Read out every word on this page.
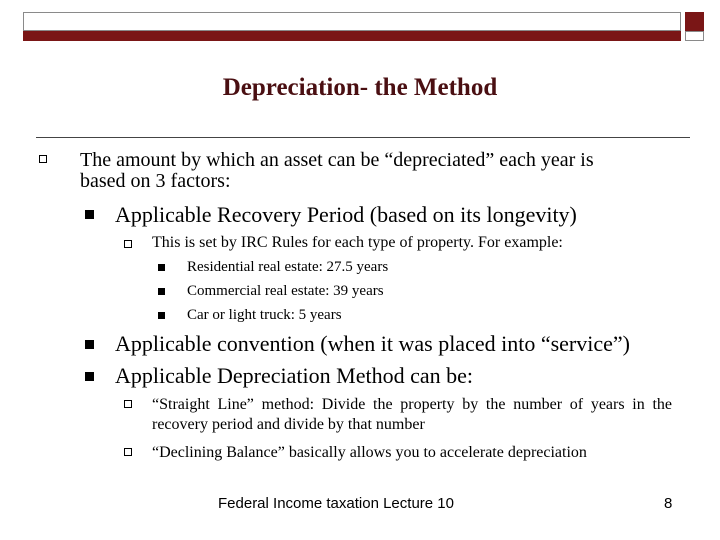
Depreciation- the Method
The amount by which an asset can be “depreciated” each year is
based on 3 factors:
Applicable Recovery Period (based on its longevity)
This is set by IRC Rules for each type of property. For example:
Residential real estate: 27.5 years
Commercial real estate: 39 years
Car or light truck: 5 years
Applicable convention (when it was placed into “service”)
Applicable Depreciation Method can be:
“Straight Line” method: Divide the property by the number of years in the recovery period and divide by that number
“Declining Balance” basically allows you to accelerate depreciation
Federal Income taxation Lecture 10	8
